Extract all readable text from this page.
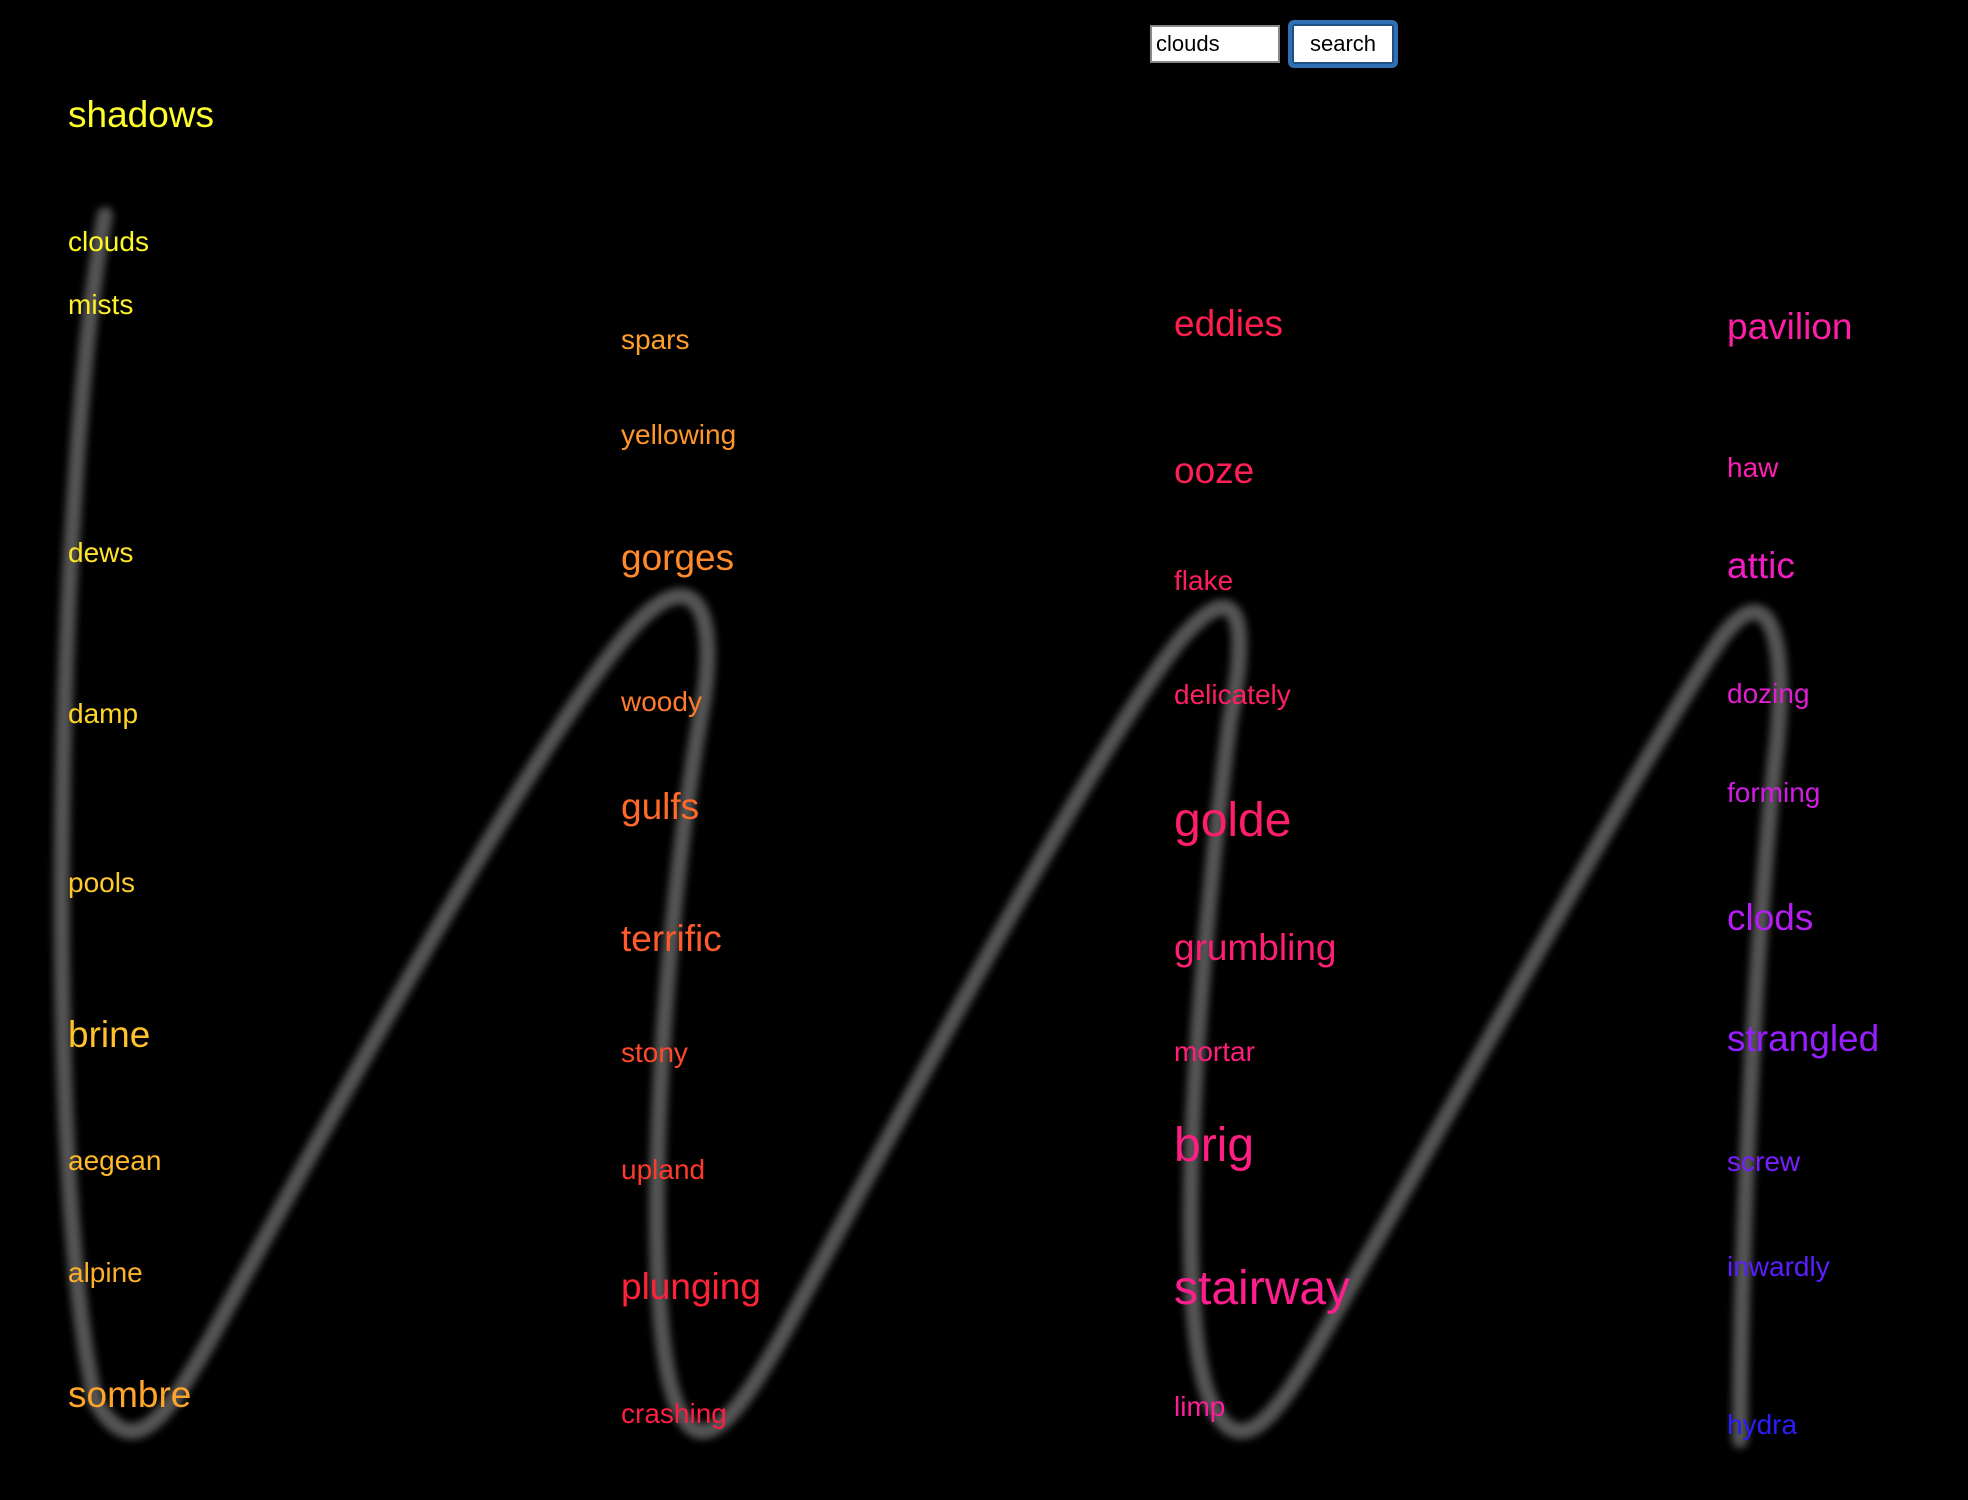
clouds
search
shadows
clouds
mists
dews
damp
pools
brine
aegean
alpine
sombre
spars
yellowing
gorges
woody
gulfs
terrific
stony
upland
plunging
crashing
eddies
ooze
flake
delicately
golde
grumbling
mortar
brig
stairway
limp
pavilion
haw
attic
dozing
forming
clods
strangled
screw
inwardly
hydra
